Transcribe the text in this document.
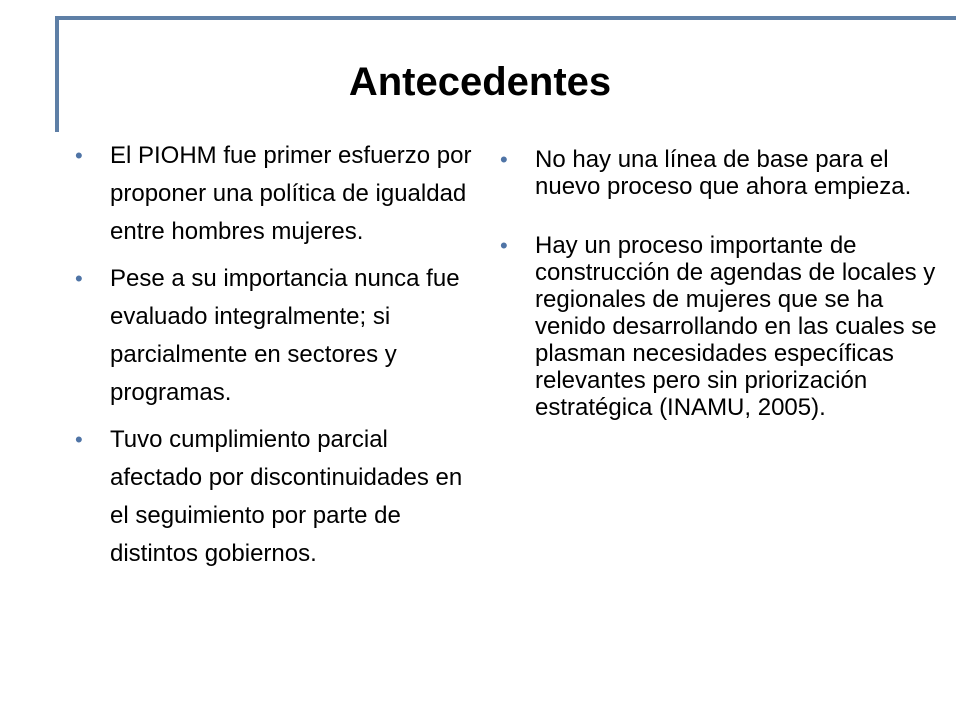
Antecedentes
• El PIOHM fue primer esfuerzo por proponer una política de igualdad entre hombres mujeres.
• Pese a su importancia nunca fue evaluado integralmente; si parcialmente en sectores y programas.
• Tuvo cumplimiento parcial afectado por discontinuidades en el seguimiento por parte de distintos gobiernos.
• No hay una línea de base para el nuevo proceso que ahora empieza.
• Hay un proceso importante de construcción de agendas de locales y regionales de mujeres que se ha venido desarrollando en las cuales se plasman necesidades específicas relevantes pero sin priorización estratégica (INAMU, 2005).
